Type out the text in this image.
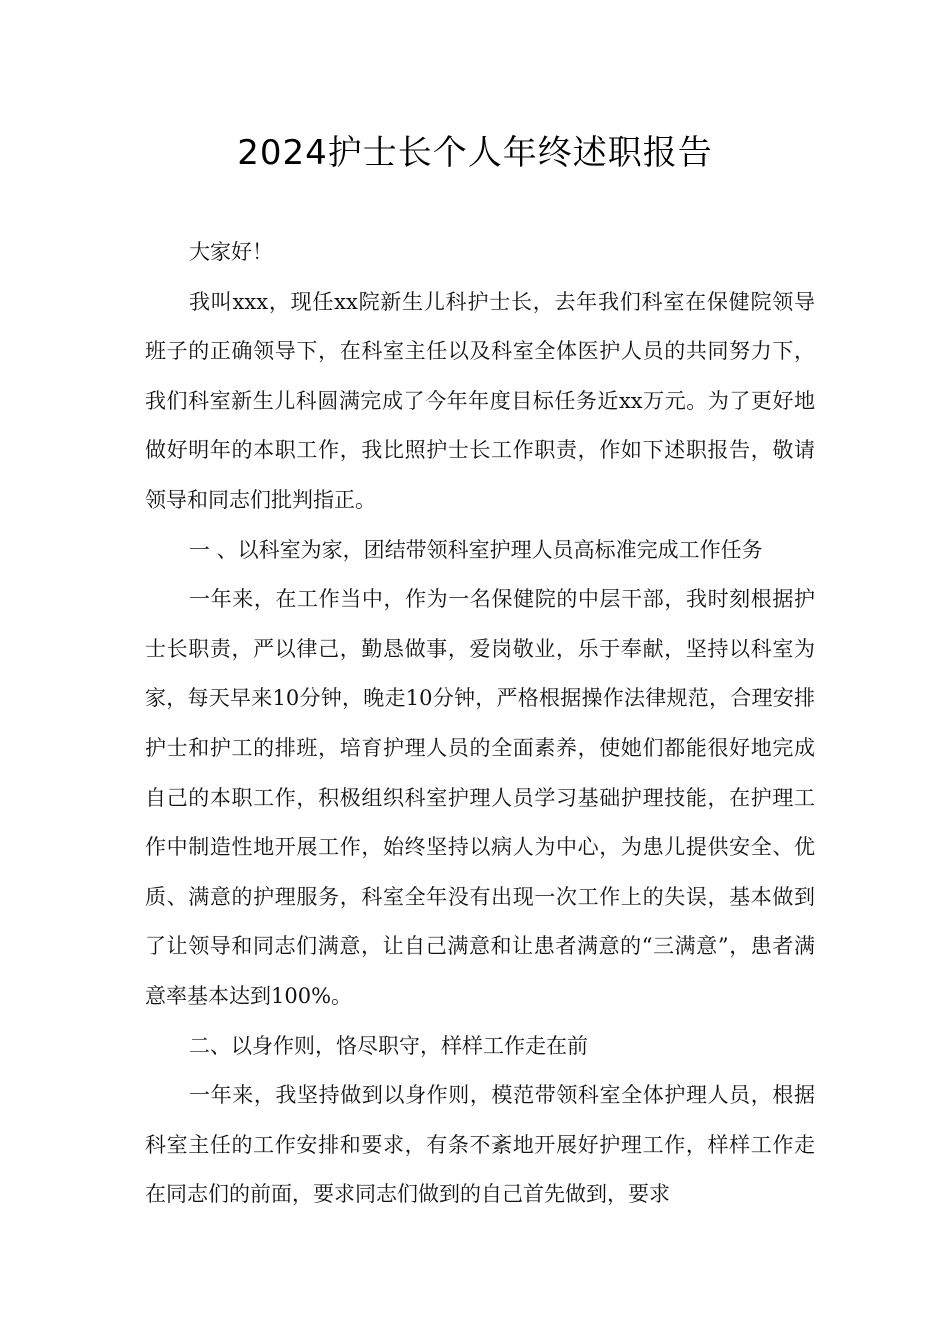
2024护士长个人年终述职报告

大家好！

我叫xxx，现任xx院新生儿科护士长，去年我们科室在保健院领导班子的正确领导下，在科室主任以及科室全体医护人员的共同努力下，我们科室新生儿科圆满完成了今年年度目标任务近xx万元。为了更好地做好明年的本职工作，我比照护士长工作职责，作如下述职报告，敬请领导和同志们批判指正。

一 、以科室为家，团结带领科室护理人员高标准完成工作任务

一年来，在工作当中，作为一名保健院的中层干部，我时刻根据护士长职责，严以律己，勤恳做事，爱岗敬业，乐于奉献，坚持以科室为家，每天早来10分钟，晚走10分钟，严格根据操作法律规范，合理安排护士和护工的排班，培育护理人员的全面素养，使她们都能很好地完成自己的本职工作，积极组织科室护理人员学习基础护理技能，在护理工作中制造性地开展工作，始终坚持以病人为中心，为患儿提供安全、优质、满意的护理服务，科室全年没有出现一次工作上的失误，基本做到了让领导和同志们满意，让自己满意和让患者满意的“三满意”，患者满意率基本达到100%。

二、以身作则，恪尽职守，样样工作走在前

一年来，我坚持做到以身作则，模范带领科室全体护理人员，根据科室主任的工作安排和要求，有条不紊地开展好护理工作，样样工作走在同志们的前面，要求同志们做到的自己首先做到，要求
